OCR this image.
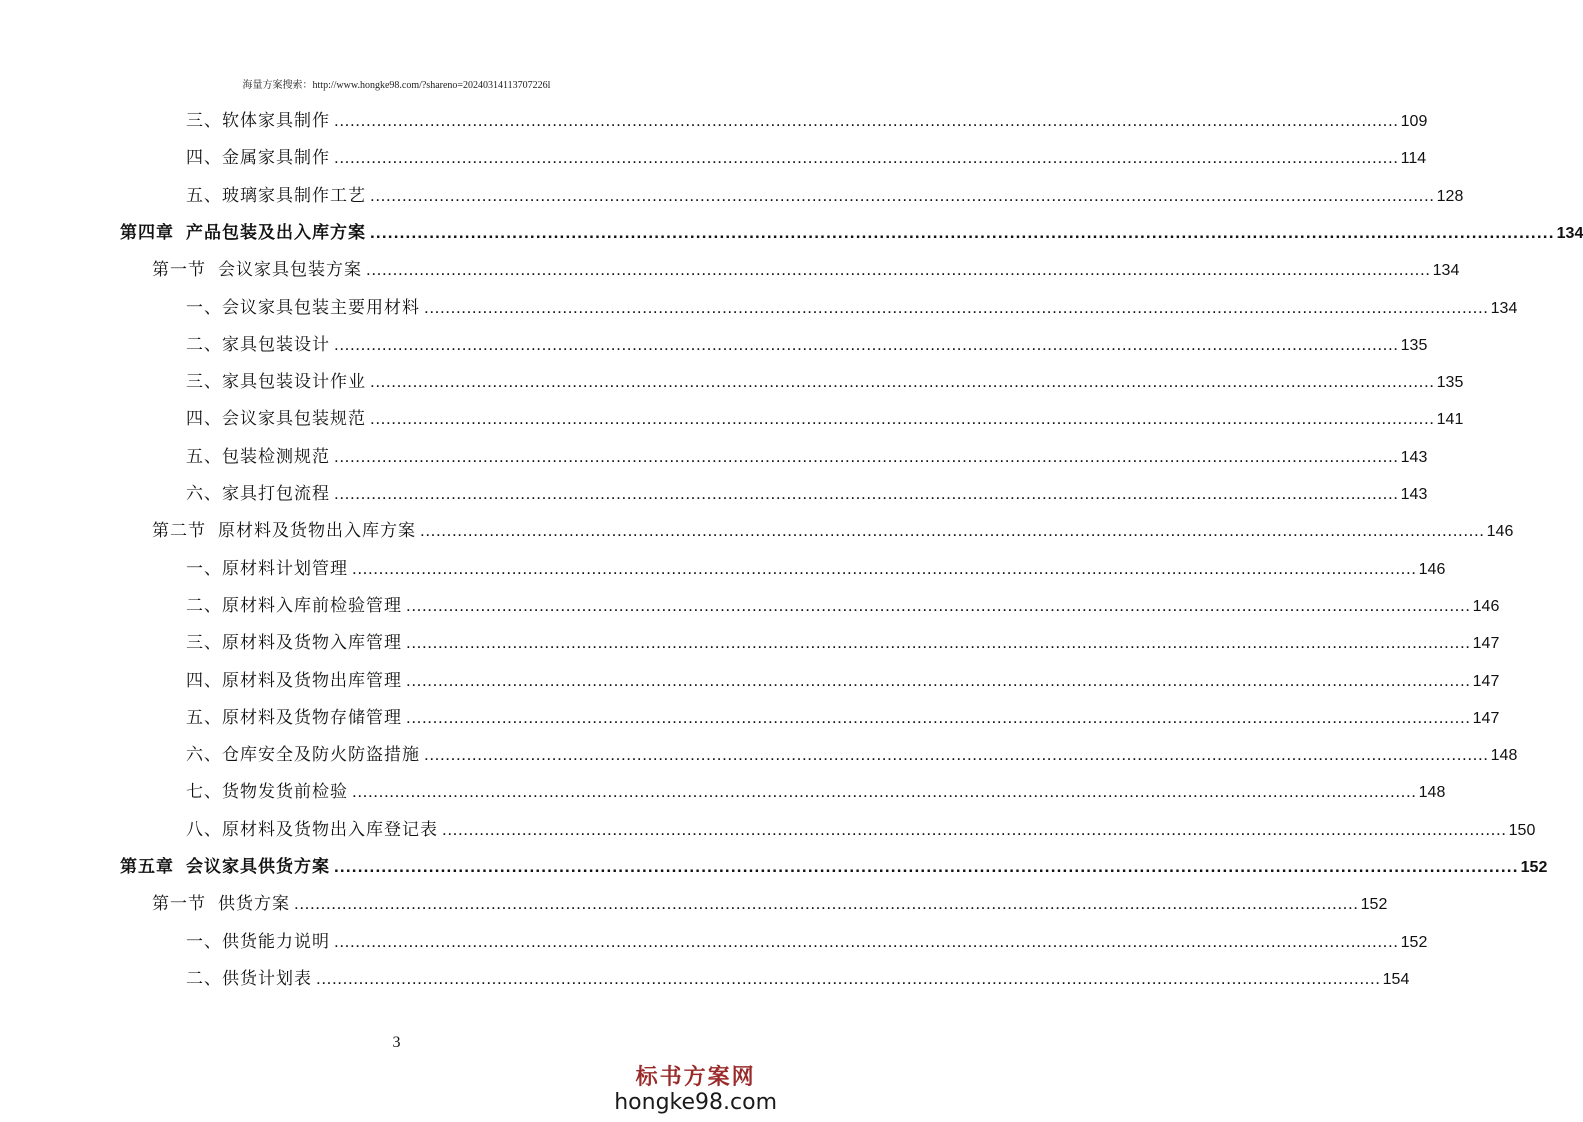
海量方案搜索：http://www.hongke98.com/?shareno=20240314113707226l
三、 软体家具制作 ........................................................................................................................................................................................................ 109
四、 金属家具制作 ........................................................................................................................................................................................................ 114
五、 玻璃家具制作工艺 ........................................................................................................................................................................................................ 128
第四章 产品包装及出入库方案 ........................................................................................................................................................................................................ 134
第一节 会议家具包装方案 ........................................................................................................................................................................................................ 134
一、 会议家具包装主要用材料 ........................................................................................................................................................................................................ 134
二、 家具包装设计 ........................................................................................................................................................................................................ 135
三、 家具包装设计作业 ........................................................................................................................................................................................................ 135
四、 会议家具包装规范 ........................................................................................................................................................................................................ 141
五、 包装检测规范 ........................................................................................................................................................................................................ 143
六、 家具打包流程 ........................................................................................................................................................................................................ 143
第二节 原材料及货物出入库方案 ........................................................................................................................................................................................................ 146
一、 原材料计划管理 ........................................................................................................................................................................................................ 146
二、 原材料入库前检验管理 ........................................................................................................................................................................................................ 146
三、 原材料及货物入库管理 ........................................................................................................................................................................................................ 147
四、 原材料及货物出库管理 ........................................................................................................................................................................................................ 147
五、 原材料及货物存储管理 ........................................................................................................................................................................................................ 147
六、 仓库安全及防火防盗措施 ........................................................................................................................................................................................................ 148
七、 货物发货前检验 ........................................................................................................................................................................................................ 148
八、 原材料及货物出入库登记表 ........................................................................................................................................................................................................ 150
第五章 会议家具供货方案 ........................................................................................................................................................................................................ 152
第一节 供货方案 ........................................................................................................................................................................................................ 152
一、 供货能力说明 ........................................................................................................................................................................................................ 152
二、 供货计划表 ........................................................................................................................................................................................................ 154
3
标书方案网
hongke98.com
